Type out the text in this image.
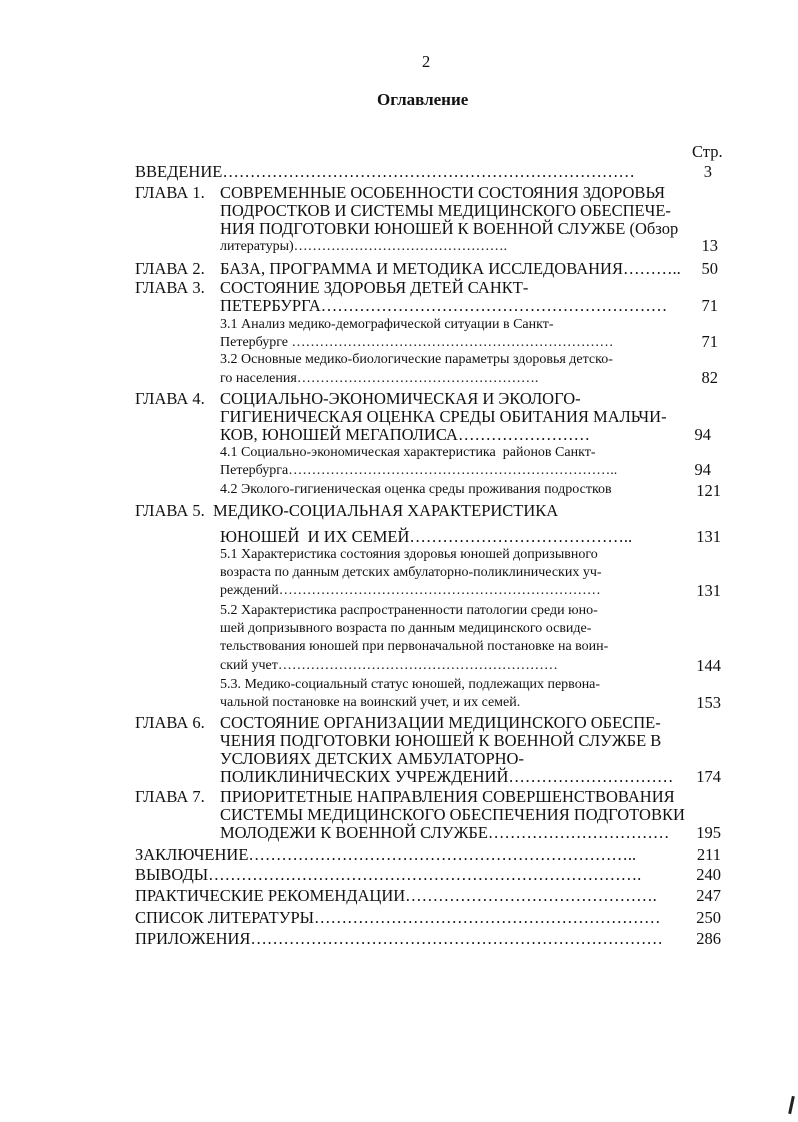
2
Оглавление
Стр.
ВВЕДЕНИЕ…………………………………………………………………	3
ГЛАВА 1. СОВРЕМЕННЫЕ ОСОБЕННОСТИ СОСТОЯНИЯ ЗДОРОВЬЯ
ПОДРОСТКОВ И СИСТЕМЫ МЕДИЦИНСКОГО ОБЕСПЕЧЕ-
НИЯ ПОДГОТОВКИ ЮНОШЕЙ К ВОЕННОЙ СЛУЖБЕ (Обзор
литературы)……………………………………….	13
ГЛАВА 2. БАЗА, ПРОГРАММА И МЕТОДИКА ИССЛЕДОВАНИЯ………..	50
ГЛАВА 3. СОСТОЯНИЕ ЗДОРОВЬЯ ДЕТЕЙ САНКТ-
ПЕТЕРБУРГА………………………………………………………	71
3.1 Анализ медико-демографической ситуации в Санкт-
Петербурге ……………………………………………………………	71
3.2 Основные медико-биологические параметры здоровья детско-
го населения…………………………………………….	82
ГЛАВА 4. СОЦИАЛЬНО-ЭКОНОМИЧЕСКАЯ И ЭКОЛОГО-
ГИГИЕНИЧЕСКАЯ ОЦЕНКА СРЕДЫ ОБИТАНИЯ МАЛЬЧИ-
КОВ, ЮНОШЕЙ МЕГАПОЛИСА……………………	94
4.1 Социально-экономическая характеристика  районов Санкт-
Петербурга……………………………………………………………..	94
4.2 Эколого-гигиеническая оценка среды проживания подростков	121
ГЛАВА 5. МЕДИКО-СОЦИАЛЬНАЯ ХАРАКТЕРИСТИКА
ЮНОШЕЙ  И ИХ СЕМЕЙ…………………………………..	131
5.1 Характеристика состояния здоровья юношей допризывного
возраста по данным детских амбулаторно-поликлинических уч-
реждений……………………………………………………………	131
5.2 Характеристика распространенности патологии среди юно-
шей допризывного возраста по данным медицинского освиде-
тельствования юношей при первоначальной постановке на воин-
ский учет……………………………………………………	144
5.3. Медико-социальный статус юношей, подлежащих первона-
чальной постановке на воинский учет, и их семей.	153
ГЛАВА 6. СОСТОЯНИЕ ОРГАНИЗАЦИИ МЕДИЦИНСКОГО ОБЕСПЕ-
ЧЕНИЯ ПОДГОТОВКИ ЮНОШЕЙ К ВОЕННОЙ СЛУЖБЕ В
УСЛОВИЯХ ДЕТСКИХ АМБУЛАТОРНО-
ПОЛИКЛИНИЧЕСКИХ УЧРЕЖДЕНИЙ…………………………	174
ГЛАВА 7. ПРИОРИТЕТНЫЕ НАПРАВЛЕНИЯ СОВЕРШЕНСТВОВАНИЯ
СИСТЕМЫ МЕДИЦИНСКОГО ОБЕСПЕЧЕНИЯ ПОДГОТОВКИ
МОЛОДЕЖИ К ВОЕННОЙ СЛУЖБЕ……………………………	195
ЗАКЛЮЧЕНИЕ……………………………………………………………..	211
ВЫВОДЫ…………………………………………………………………….	240
ПРАКТИЧЕСКИЕ РЕКОМЕНДАЦИИ……………………………………….	247
СПИСОК ЛИТЕРАТУРЫ………………………………………………………	250
ПРИЛОЖЕНИЯ…………………………………………………………………	286
